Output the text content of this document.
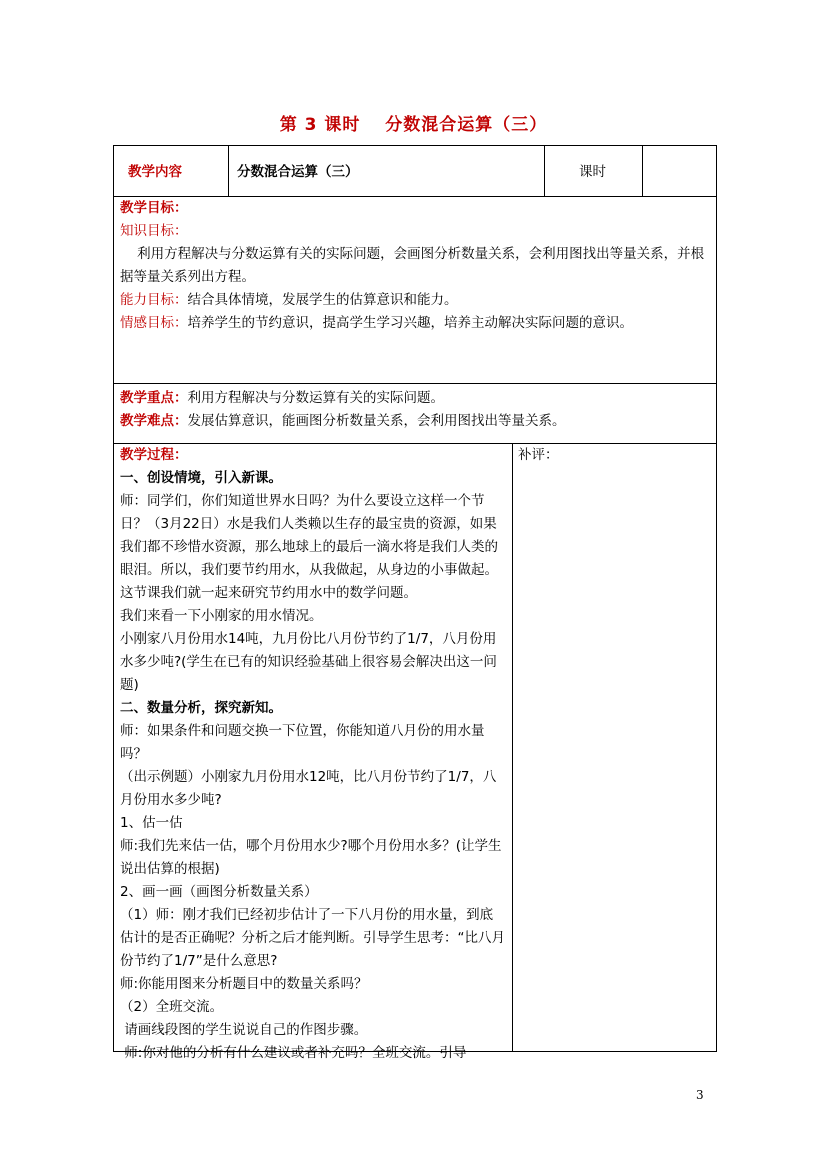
第 3 课时　 分数混合运算（三）
教学内容	分数混合运算（三）	课时

教学目标：

知识目标：

利用方程解决与分数运算有关的实际问题，会画图分析数量关系，会利用图找出等量关系，并根据等量关系列出方程。

能力目标：结合具体情境，发展学生的估算意识和能力。

情感目标：培养学生的节约意识，提高学生学习兴趣，培养主动解决实际问题的意识。

教学重点：利用方程解决与分数运算有关的实际问题。

教学难点：发展估算意识，能画图分析数量关系，会利用图找出等量关系。

教学过程：

一、创设情境，引入新课。

师：同学们，你们知道世界水日吗？为什么要设立这样一个节日？（3月22日）水是我们人类赖以生存的最宝贵的资源，如果我们都不珍惜水资源，那么地球上的最后一滴水将是我们人类的眼泪。所以，我们要节约用水，从我做起，从身边的小事做起。这节课我们就一起来研究节约用水中的数学问题。

我们来看一下小刚家的用水情况。

小刚家八月份用水14吨，九月份比八月份节约了1/7，八月份用水多少吨?(学生在已有的知识经验基础上很容易会解决出这一问题)

二、数量分析，探究新知。

师：如果条件和问题交换一下位置，你能知道八月份的用水量吗？

（出示例题）小刚家九月份用水12吨，比八月份节约了1/7，八月份用水多少吨?

1、估一估

师:我们先来估一估，哪个月份用水少?哪个月份用水多？(让学生说出估算的根据)

2、画一画（画图分析数量关系）

（1）师：刚才我们已经初步估计了一下八月份的用水量，到底估计的是否正确呢？分析之后才能判断。引导学生思考：“比八月份节约了1/7”是什么意思?

师:你能用图来分析题目中的数量关系吗？

（2）全班交流。

请画线段图的学生说说自己的作图步骤。

师:你对他的分析有什么建议或者补充吗？全班交流。引导

补评：

3
